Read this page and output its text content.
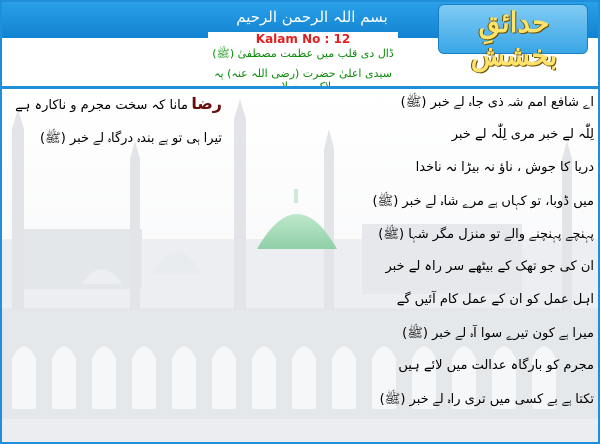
بسم اللہ الرحمن الرحیم	حدائقِ بخشش
Kalam No : 12
ڈال دی قلب میں عظمت مصطفیٰ (ﷺ)
سیدی اعلیٰ حضرت (رضی اللہ عنہ) پہ
رضا
مانا کہ سخت مجرم و ناکارہ ہے
تیرا ہی تو ہے بندہ درگاہ لے خبر (ﷺ)
اے شافع امم شہ ذی جاہ لے خبر (ﷺ)
لِلّٰہ لے خبر مری لِلّٰہ لے خبر
دریا کا جوش ، ناؤ نہ بیڑا نہ ناخدا
میں ڈوبا، تو کہاں ہے مرے شاہ لے خبر (ﷺ)
پہنچے پہنچنے والے تو منزل مگر شہا (ﷺ)
ان کی جو تھک کے بیٹھے سر راہ لے خبر
اہل عمل کو ان کے عمل کام آئیں گے
میرا ہے کون تیرے سوا آہ لے خبر (ﷺ)
مجرم کو بارگاہ عدالت میں لائے ہیں
تکتا ہے بے کسی میں تری راہ لے خبر (ﷺ)
